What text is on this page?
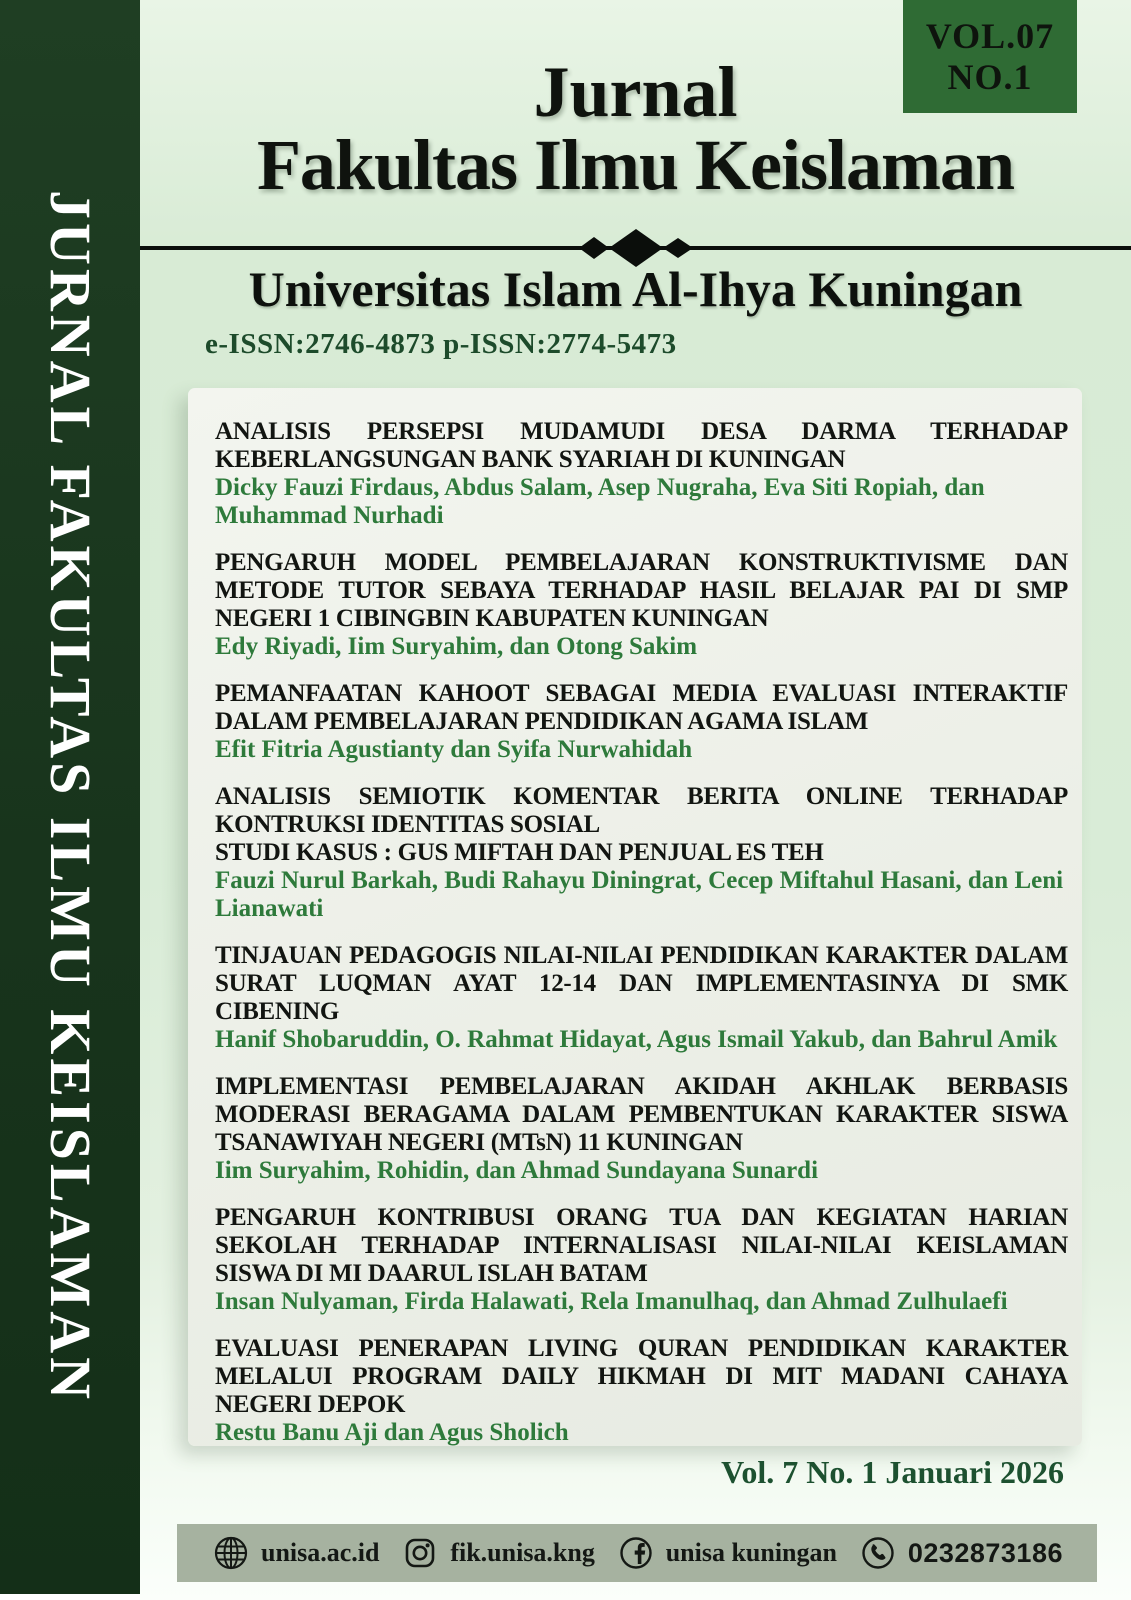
JURNAL FAKULTAS ILMU KEISLAMAN
VOL.07
NO.1
Jurnal
Fakultas Ilmu Keislaman
Universitas Islam Al-Ihya Kuningan
e-ISSN:2746-4873 p-ISSN:2774-5473
ANALISIS PERSEPSI MUDAMUDI DESA DARMA TERHADAP KEBERLANGSUNGAN BANK SYARIAH DI KUNINGAN
Dicky Fauzi Firdaus, Abdus Salam, Asep Nugraha, Eva Siti Ropiah, dan Muhammad Nurhadi
PENGARUH MODEL PEMBELAJARAN KONSTRUKTIVISME DAN METODE TUTOR SEBAYA TERHADAP HASIL BELAJAR PAI DI SMP NEGERI 1 CIBINGBIN KABUPATEN KUNINGAN
Edy Riyadi, Iim Suryahim, dan Otong Sakim
PEMANFAATAN KAHOOT SEBAGAI MEDIA EVALUASI INTERAKTIF DALAM PEMBELAJARAN PENDIDIKAN AGAMA ISLAM
Efit Fitria Agustianty dan Syifa Nurwahidah
ANALISIS SEMIOTIK KOMENTAR BERITA ONLINE TERHADAP KONTRUKSI IDENTITAS SOSIAL
STUDI KASUS : GUS MIFTAH DAN PENJUAL ES TEH
Fauzi Nurul Barkah, Budi Rahayu Diningrat, Cecep Miftahul Hasani, dan Leni Lianawati
TINJAUAN PEDAGOGIS NILAI-NILAI PENDIDIKAN KARAKTER DALAM SURAT LUQMAN AYAT 12-14 DAN IMPLEMENTASINYA DI SMK CIBENING
Hanif Shobaruddin, O. Rahmat Hidayat, Agus Ismail Yakub, dan Bahrul Amik
IMPLEMENTASI PEMBELAJARAN AKIDAH AKHLAK BERBASIS MODERASI BERAGAMA DALAM PEMBENTUKAN KARAKTER SISWA TSANAWIYAH NEGERI (MTsN) 11 KUNINGAN
Iim Suryahim, Rohidin, dan Ahmad Sundayana Sunardi
PENGARUH KONTRIBUSI ORANG TUA DAN KEGIATAN HARIAN SEKOLAH TERHADAP INTERNALISASI NILAI-NILAI KEISLAMAN SISWA DI MI DAARUL ISLAH BATAM
Insan Nulyaman, Firda Halawati, Rela Imanulhaq, dan Ahmad Zulhulaefi
EVALUASI PENERAPAN LIVING QURAN PENDIDIKAN KARAKTER MELALUI PROGRAM DAILY HIKMAH DI MIT MADANI CAHAYA NEGERI DEPOK
Restu Banu Aji dan Agus Sholich
Vol. 7 No. 1 Januari 2026
unisa.ac.id	fik.unisa.kng	unisa kuningan	0232873186
